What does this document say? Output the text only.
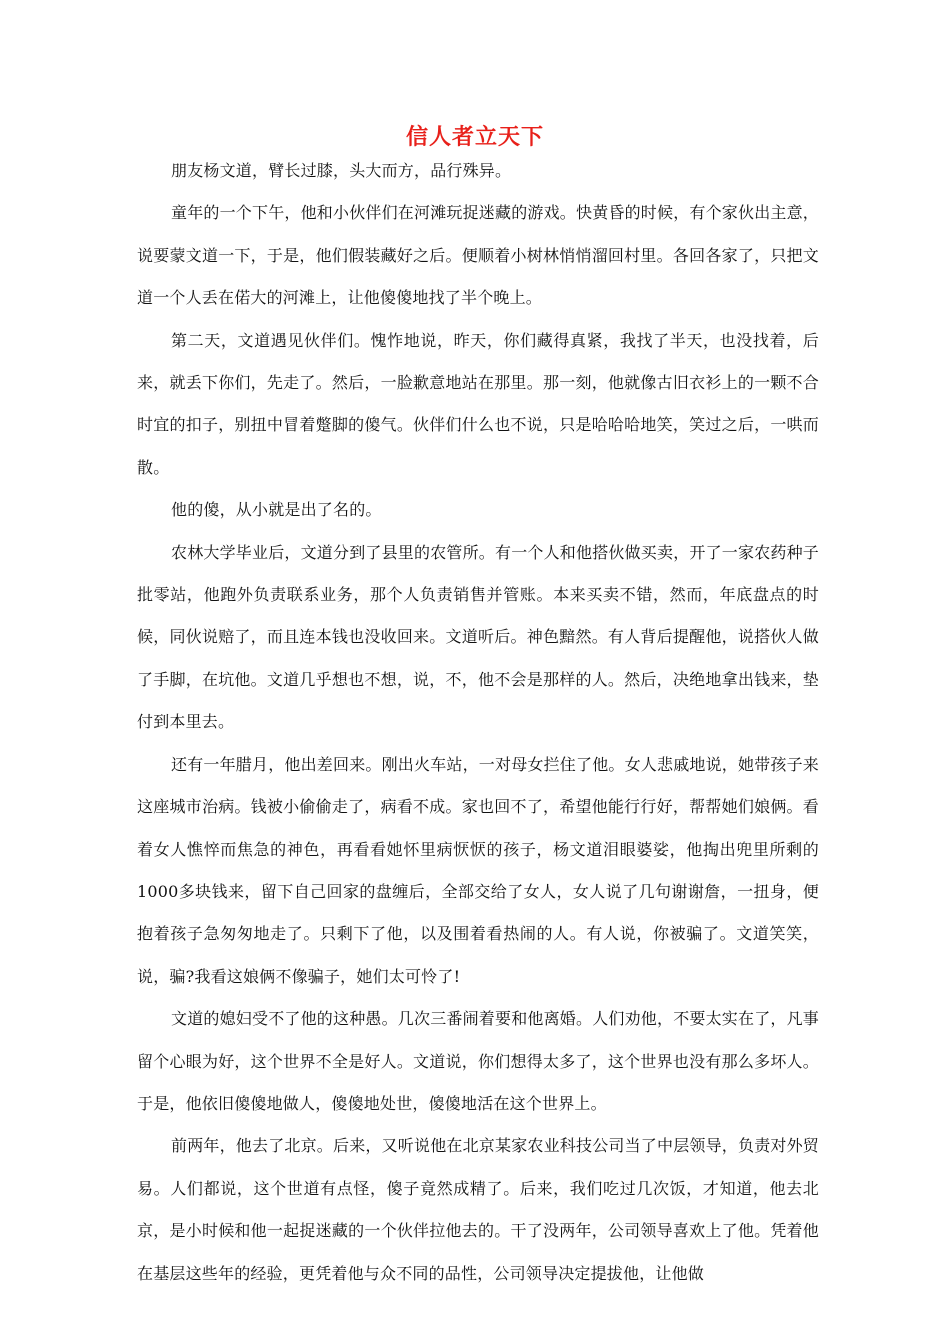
信人者立天下

朋友杨文道，臂长过膝，头大而方，品行殊异。

童年的一个下午，他和小伙伴们在河滩玩捉迷藏的游戏。快黄昏的时候，有个家伙出主意，说要蒙文道一下，于是，他们假装藏好之后。便顺着小树林悄悄溜回村里。各回各家了，只把文道一个人丢在偌大的河滩上，让他傻傻地找了半个晚上。

第二天，文道遇见伙伴们。愧怍地说，昨天，你们藏得真紧，我找了半天，也没找着，后来，就丢下你们，先走了。然后，一脸歉意地站在那里。那一刻，他就像古旧衣衫上的一颗不合时宜的扣子，别扭中冒着蹩脚的傻气。伙伴们什么也不说，只是哈哈哈地笑，笑过之后，一哄而散。

他的傻，从小就是出了名的。

农林大学毕业后，文道分到了县里的农管所。有一个人和他搭伙做买卖，开了一家农药种子批零站，他跑外负责联系业务，那个人负责销售并管账。本来买卖不错，然而，年底盘点的时候，同伙说赔了，而且连本钱也没收回来。文道听后。神色黯然。有人背后提醒他，说搭伙人做了手脚，在坑他。文道几乎想也不想，说，不，他不会是那样的人。然后，决绝地拿出钱来，垫付到本里去。

还有一年腊月，他出差回来。刚出火车站，一对母女拦住了他。女人悲戚地说，她带孩子来这座城市治病。钱被小偷偷走了，病看不成。家也回不了，希望他能行行好，帮帮她们娘俩。看着女人憔悴而焦急的神色，再看看她怀里病恹恹的孩子，杨文道泪眼婆娑，他掏出兜里所剩的1000多块钱来，留下自己回家的盘缠后，全部交给了女人，女人说了几句谢谢詹，一扭身，便抱着孩子急匆匆地走了。只剩下了他，以及围着看热闹的人。有人说，你被骗了。文道笑笑，说，骗?我看这娘俩不像骗子，她们太可怜了!

文道的媳妇受不了他的这种愚。几次三番闹着要和他离婚。人们劝他，不要太实在了，凡事留个心眼为好，这个世界不全是好人。文道说，你们想得太多了，这个世界也没有那么多坏人。于是，他依旧傻傻地做人，傻傻地处世，傻傻地活在这个世界上。

前两年，他去了北京。后来，又听说他在北京某家农业科技公司当了中层领导，负责对外贸易。人们都说，这个世道有点怪，傻子竟然成精了。后来，我们吃过几次饭，才知道，他去北京，是小时候和他一起捉迷藏的一个伙伴拉他去的。干了没两年，公司领导喜欢上了他。凭着他在基层这些年的经验，更凭着他与众不同的品性，公司领导决定提拔他，让他做
